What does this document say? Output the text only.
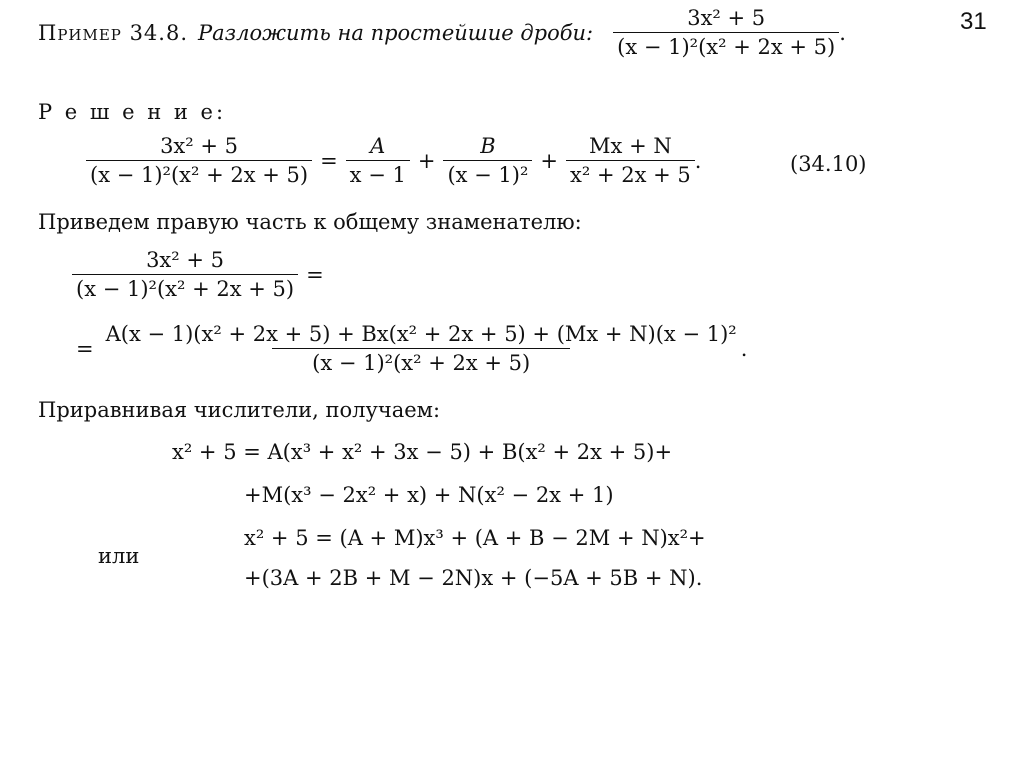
31
Пример 34.8. Разложить на простейшие дроби: $\frac{\text{3x² + 5}}{\text{(x − 1)²(x² + 2x + 5)}}$ .
Р е ш е н и е:
$\frac{\text{3x² + 5}}{\text{(x − 1)²(x² + 2x + 5)}} = \frac{A}{x - 1} + \frac{B}{\text{(x − 1)²}} + \frac{Mx + N}{\text{x² + 2x + 5}}$ .	(34.10)
Приведем правую часть к общему знаменателю:
$\frac{\text{3x² + 5}}{\text{(x − 1)²(x² + 2x + 5)}}$ =
= $\frac{\text{A(x − 1)(x² + 2x + 5) + Bx(x² + 2x + 5) + (Mx + N)(x − 1)²}}{\text{(x − 1)²(x² + 2x + 5)}}$ .
Приравнивая числители, получаем:
x² + 5 = A(x³ + x² + 3x − 5) + B(x² + 2x + 5)+
+M(x³ − 2x² + x) + N(x² − 2x + 1)
или
x² + 5 = (A + M)x³ + (A + B − 2M + N)x²+
+(3A + 2B + M − 2N)x + (−5A + 5B + N).
